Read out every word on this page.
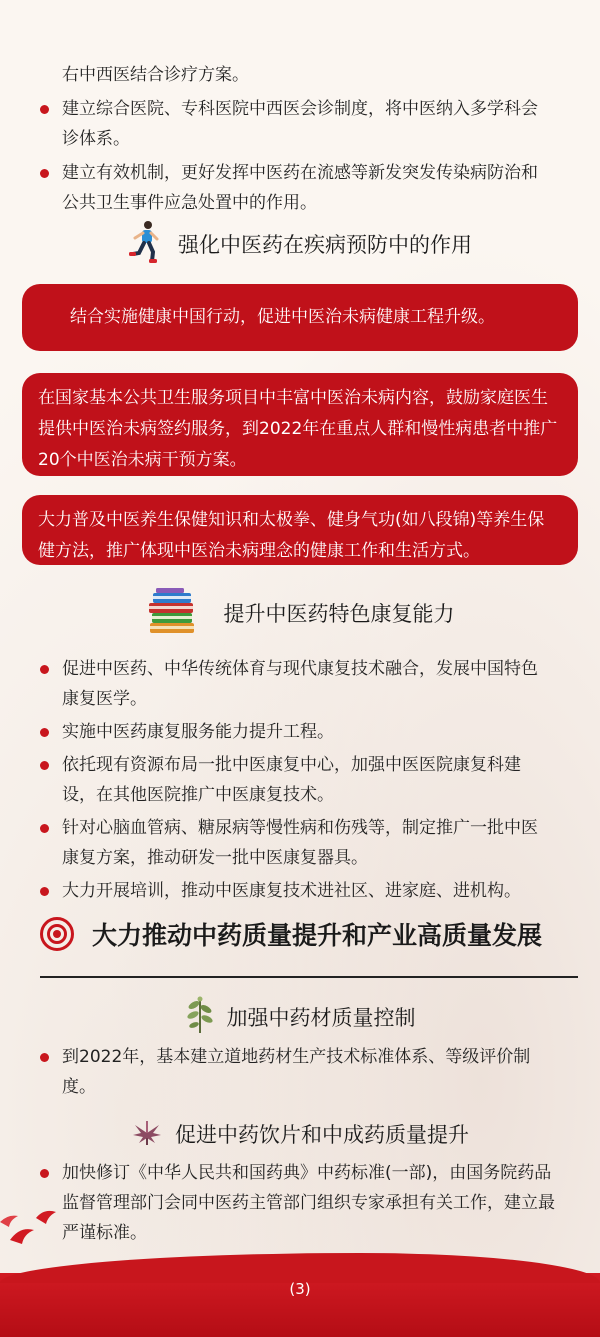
右中西医结合诊疗方案。
建立综合医院、专科医院中西医会诊制度，将中医纳入多学科会诊体系。
建立有效机制，更好发挥中医药在流感等新发突发传染病防治和公共卫生事件应急处置中的作用。
强化中医药在疾病预防中的作用
结合实施健康中国行动，促进中医治未病健康工程升级。
在国家基本公共卫生服务项目中丰富中医治未病内容，鼓励家庭医生提供中医治未病签约服务，到2022年在重点人群和慢性病患者中推广20个中医治未病干预方案。
大力普及中医养生保健知识和太极拳、健身气功(如八段锦)等养生保健方法，推广体现中医治未病理念的健康工作和生活方式。
提升中医药特色康复能力
促进中医药、中华传统体育与现代康复技术融合，发展中国特色康复医学。
实施中医药康复服务能力提升工程。
依托现有资源布局一批中医康复中心，加强中医医院康复科建设，在其他医院推广中医康复技术。
针对心脑血管病、糖尿病等慢性病和伤残等，制定推广一批中医康复方案，推动研发一批中医康复器具。
大力开展培训，推动中医康复技术进社区、进家庭、进机构。
大力推动中药质量提升和产业高质量发展
加强中药材质量控制
到2022年，基本建立道地药材生产技术标准体系、等级评价制度。
促进中药饮片和中成药质量提升
加快修订《中华人民共和国药典》中药标准(一部)，由国务院药品监督管理部门会同中医药主管部门组织专家承担有关工作，建立最严谨标准。
(3)
